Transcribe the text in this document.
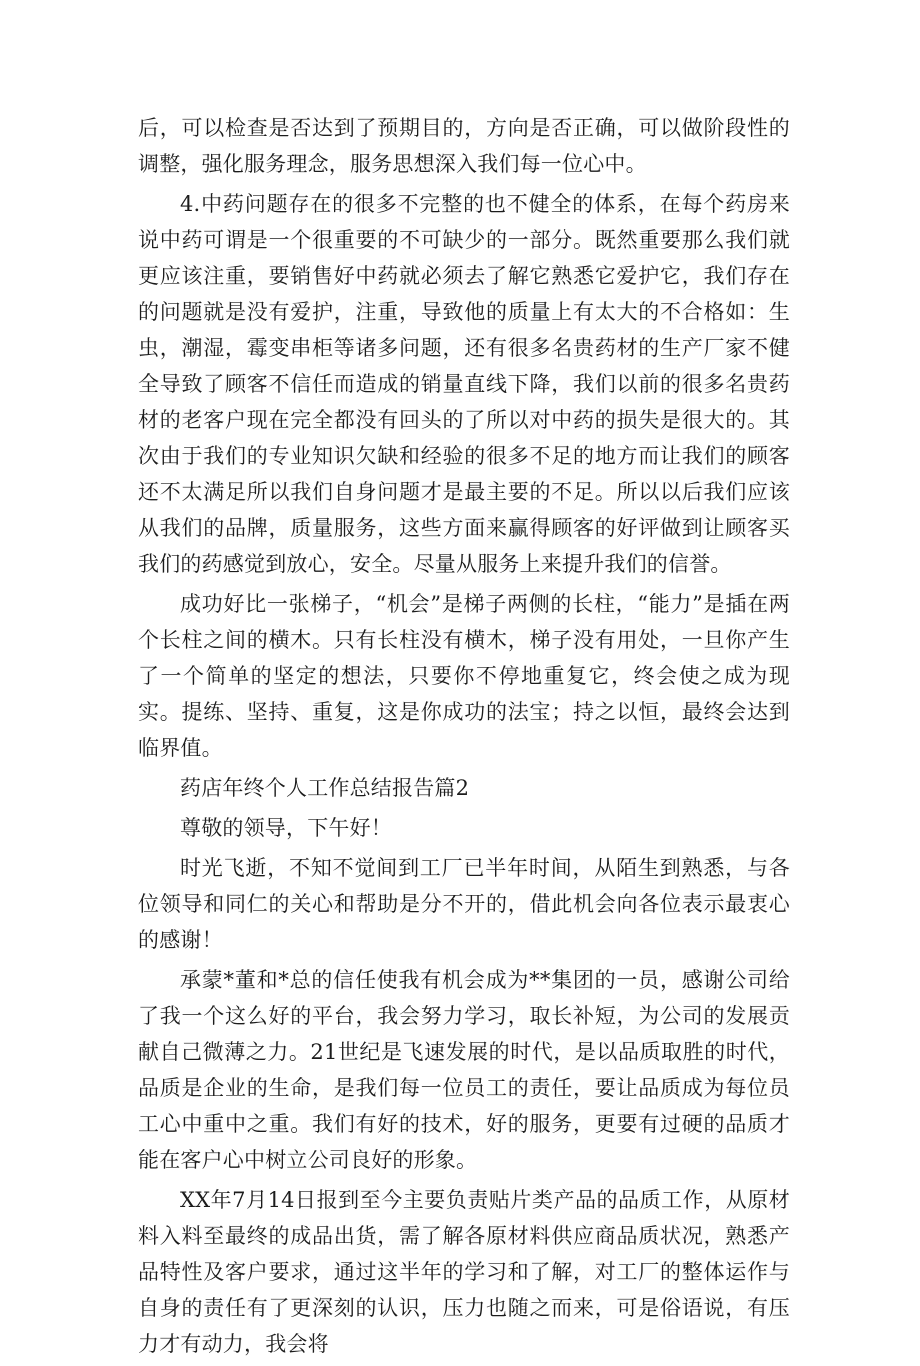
后，可以检查是否达到了预期目的，方向是否正确，可以做阶段性的调整，强化服务理念，服务思想深入我们每一位心中。

4.中药问题存在的很多不完整的也不健全的体系，在每个药房来说中药可谓是一个很重要的不可缺少的一部分。既然重要那么我们就更应该注重，要销售好中药就必须去了解它熟悉它爱护它，我们存在的问题就是没有爱护，注重，导致他的质量上有太大的不合格如：生虫，潮湿，霉变串柜等诸多问题，还有很多名贵药材的生产厂家不健全导致了顾客不信任而造成的销量直线下降，我们以前的很多名贵药材的老客户现在完全都没有回头的了所以对中药的损失是很大的。其次由于我们的专业知识欠缺和经验的很多不足的地方而让我们的顾客还不太满足所以我们自身问题才是最主要的不足。所以以后我们应该从我们的品牌，质量服务，这些方面来赢得顾客的好评做到让顾客买我们的药感觉到放心，安全。尽量从服务上来提升我们的信誉。

成功好比一张梯子，“机会”是梯子两侧的长柱，“能力”是插在两个长柱之间的横木。只有长柱没有横木，梯子没有用处，一旦你产生了一个简单的坚定的想法，只要你不停地重复它，终会使之成为现实。提练、坚持、重复，这是你成功的法宝；持之以恒，最终会达到临界值。

药店年终个人工作总结报告篇2

尊敬的领导，下午好！

时光飞逝，不知不觉间到工厂已半年时间，从陌生到熟悉，与各位领导和同仁的关心和帮助是分不开的，借此机会向各位表示最衷心的感谢！

承蒙*董和*总的信任使我有机会成为**集团的一员，感谢公司给了我一个这么好的平台，我会努力学习，取长补短，为公司的发展贡献自己微薄之力。21世纪是飞速发展的时代，是以品质取胜的时代，品质是企业的生命，是我们每一位员工的责任，要让品质成为每位员工心中重中之重。我们有好的技术，好的服务，更要有过硬的品质才能在客户心中树立公司良好的形象。

XX年7月14日报到至今主要负责贴片类产品的品质工作，从原材料入料至最终的成品出货，需了解各原材料供应商品质状况，熟悉产品特性及客户要求，通过这半年的学习和了解，对工厂的整体运作与自身的责任有了更深刻的认识，压力也随之而来，可是俗语说，有压力才有动力，我会将
